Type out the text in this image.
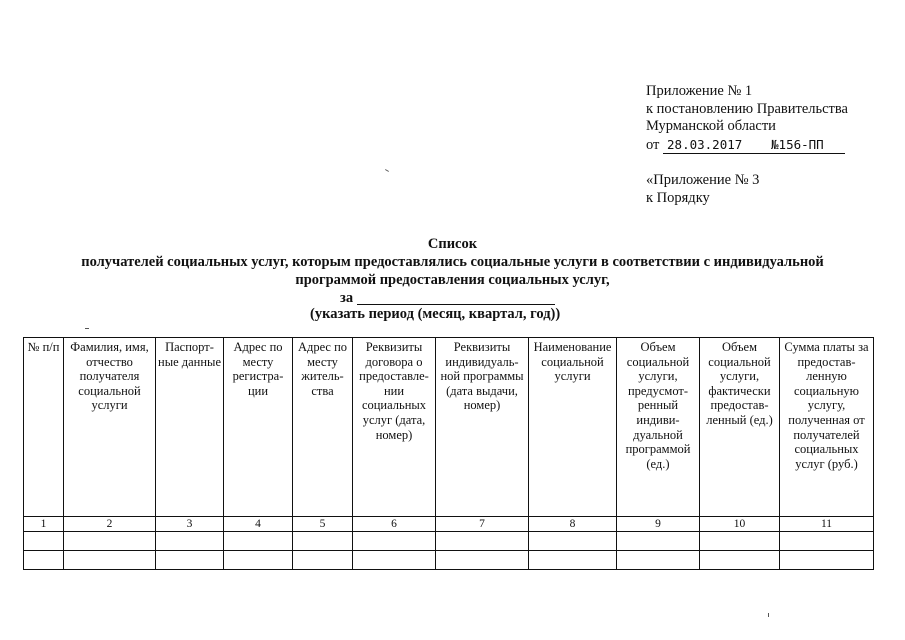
Приложение № 1
к постановлению Правительства
Мурманской области
от 28.03.2017 №156-ПП
«Приложение № 3
к Порядку
Список
получателей социальных услуг, которым предоставлялись социальные услуги в соответствии с индивидуальной
программой предоставления социальных услуг,
за
(указать период (месяц, квартал, год))
№ п/п	Фамилия, имя, отчество получателя социальной услуги	Паспорт-ные данные	Адрес по месту регистра-ции	Адрес по месту житель-ства	Реквизиты договора о предоставле-нии социальных услуг (дата, номер)	Реквизиты индивидуаль-ной программы (дата выдачи, номер)	Наименование социальной услуги	Объем социальной услуги, предусмот-ренный индиви-дуальной программой (ед.)	Объем социальной услуги, фактически предостав-ленный (ед.)	Сумма платы за предостав-ленную социальную услугу, полученная от получателей социальных услуг (руб.)
1	2	3	4	5	6	7	8	9	10	11
